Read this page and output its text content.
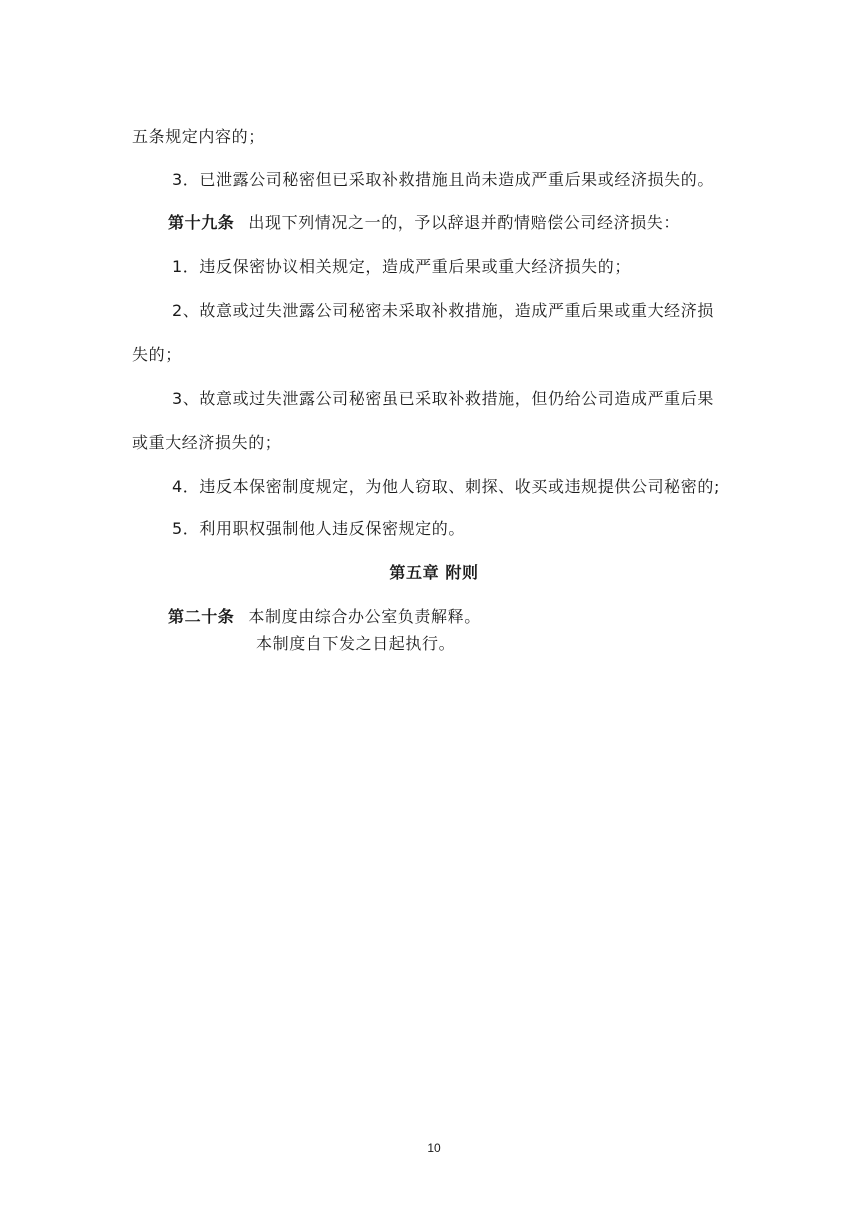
五条规定内容的；
3．已泄露公司秘密但已采取补救措施且尚未造成严重后果或经济损失的。
第十九条 出现下列情况之一的，予以辞退并酌情赔偿公司经济损失：
1．违反保密协议相关规定，造成严重后果或重大经济损失的；
2、故意或过失泄露公司秘密未采取补救措施，造成严重后果或重大经济损
失的；
3、故意或过失泄露公司秘密虽已采取补救措施，但仍给公司造成严重后果
或重大经济损失的；
4．违反本保密制度规定，为他人窃取、刺探、收买或违规提供公司秘密的;
5．利用职权强制他人违反保密规定的。
第五章 附则
第二十条 本制度由综合办公室负责解释。
本制度自下发之日起执行。
10
